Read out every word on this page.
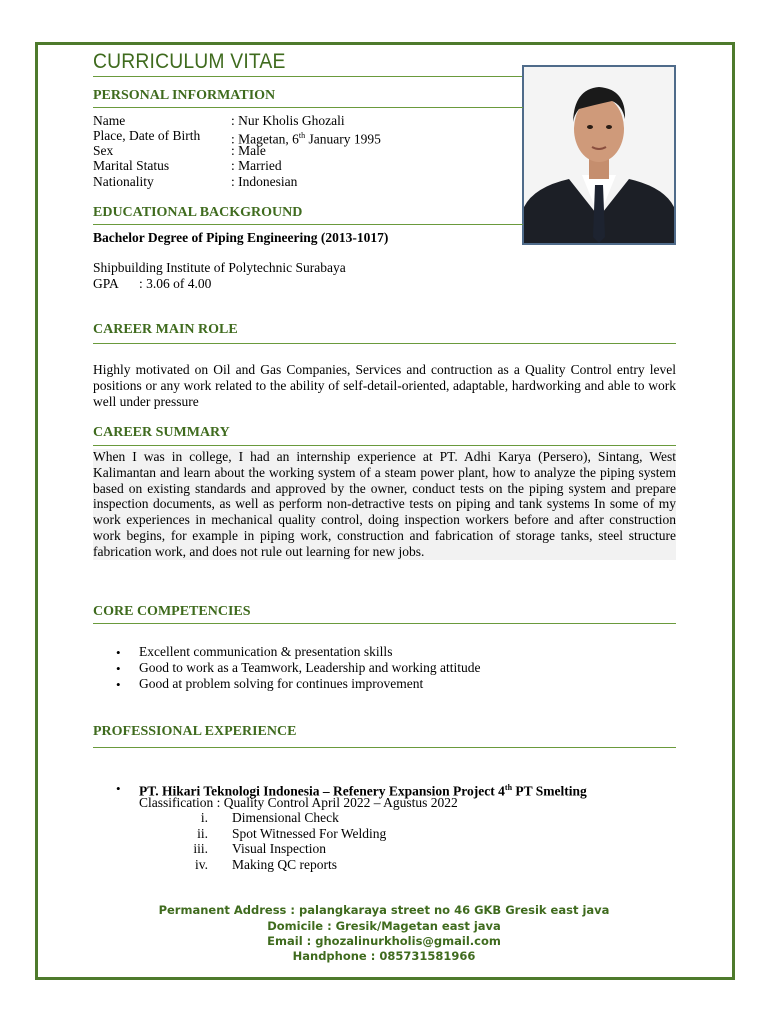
CURRICULUM VITAE
PERSONAL INFORMATION
Name	: Nur Kholis Ghozali
Place, Date of Birth : Magetan, 6th January 1995
Sex	: Male
Marital Status	: Married
Nationality	: Indonesian
EDUCATIONAL BACKGROUND
Bachelor Degree of Piping Engineering (2013-1017)
Shipbuilding Institute of Polytechnic Surabaya
GPA : 3.06 of 4.00
CAREER MAIN ROLE
Highly motivated on Oil and Gas Companies, Services and contruction as a Quality Control entry level positions or any work related to the ability of self-detail-oriented, adaptable, hardworking and able to work well under pressure
CAREER SUMMARY
When I was in college, I had an internship experience at PT. Adhi Karya (Persero), Sintang, West Kalimantan and learn about the working system of a steam power plant, how to analyze the piping system based on existing standards and approved by the owner, conduct tests on the piping system and prepare inspection documents, as well as perform non-detractive tests on piping and tank systems In some of my work experiences in mechanical quality control, doing inspection workers before and after construction work begins, for example in piping work, construction and fabrication of storage tanks, steel structure fabrication work, and does not rule out learning for new jobs.
CORE COMPETENCIES
• Excellent communication & presentation skills
• Good to work as a Teamwork, Leadership and working attitude
• Good at problem solving for continues improvement
PROFESSIONAL EXPERIENCE
• PT. Hikari Teknologi Indonesia – Refenery Expansion Project 4th PT Smelting
Classification : Quality Control April 2022 – Agustus 2022
i. Dimensional Check
ii. Spot Witnessed For Welding
iii. Visual Inspection
iv. Making QC reports
Permanent Address : palangkaraya street no 46 GKB Gresik east java
Domicile : Gresik/Magetan east java
Email : ghozalinurkholis@gmail.com
Handphone : 085731581966
